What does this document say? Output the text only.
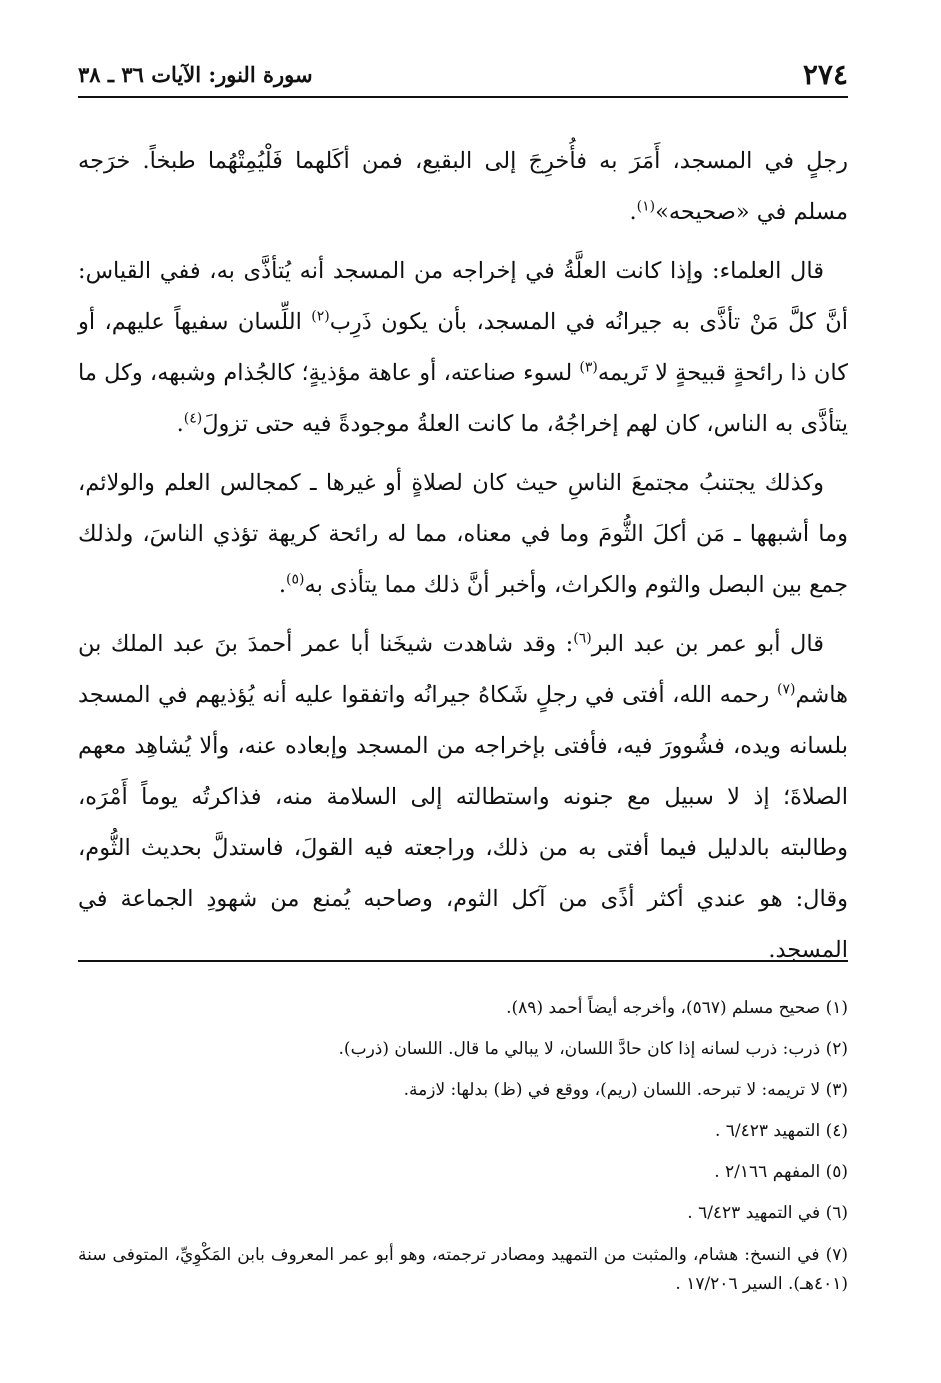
٢٧٤
سورة النور: الآيات ٣٦ ـ ٣٨

رجلٍ في المسجد، أَمَرَ به فأُخرِجَ إلى البقيع، فمن أكَلهما فَلْيُمِتْهُما طبخاً. خرَجه مسلم في «صحيحه»$^{(١)}$.

قال العلماء: وإذا كانت العلَّةُ في إخراجه من المسجد أنه يُتأذَّى به، ففي القياس: أنَّ كلَّ مَنْ تأذَّى به جيرانُه في المسجد، بأن يكون ذَرِب$^{(٢)}$ اللِّسان سفيهاً عليهم، أو كان ذا رائحةٍ قبيحةٍ لا تَريمه$^{(٣)}$ لسوء صناعته، أو عاهة مؤذيةٍ؛ كالجُذام وشبهه، وكل ما يتأذَّى به الناس، كان لهم إخراجُهُ، ما كانت العلةُ موجودةً فيه حتى تزولَ$^{(٤)}$.

وكذلك يجتنبُ مجتمعَ الناسِ حيث كان لصلاةٍ أو غيرها ـ كمجالس العلم والولائم، وما أشبهها ـ مَن أكلَ الثُّومَ وما في معناه، مما له رائحة كريهة تؤذي الناسَ، ولذلك جمع بين البصل والثوم والكراث، وأخبر أنَّ ذلك مما يتأذى به$^{(٥)}$.

قال أبو عمر بن عبد البر$^{(٦)}$: وقد شاهدت شيخَنا أبا عمر أحمدَ بنَ عبد الملك بن هاشم$^{(٧)}$ رحمه الله، أفتى في رجلٍ شَكاهُ جيرانُه واتفقوا عليه أنه يُؤذيهم في المسجد بلسانه ويده، فشُوورَ فيه، فأفتى بإخراجه من المسجد وإبعاده عنه، وألا يُشاهِد معهم الصلاةَ؛ إذ لا سبيل مع جنونه واستطالته إلى السلامة منه، فذاكرتُه يوماً أَمْرَه، وطالبته بالدليل فيما أفتى به من ذلك، وراجعته فيه القولَ، فاستدلَّ بحديث الثُّوم، وقال: هو عندي أكثر أذًى من آكل الثوم، وصاحبه يُمنع من شهودِ الجماعة في المسجد.

(١) صحيح مسلم (٥٦٧)، وأخرجه أيضاً أحمد (٨٩).
(٢) ذرب: ذرب لسانه إذا كان حادَّ اللسان، لا يبالي ما قال. اللسان (ذرب).
(٣) لا تريمه: لا تبرحه. اللسان (ريم)، ووقع في (ظ) بدلها: لازمة.
(٤) التمهيد ٦/٤٢٣ .
(٥) المفهم ٢/١٦٦ .
(٦) في التمهيد ٦/٤٢٣ .
(٧) في النسخ: هشام، والمثبت من التمهيد ومصادر ترجمته، وهو أبو عمر المعروف بابن المَكْوِيِّ، المتوفى سنة (٤٠١هـ). السير ١٧/٢٠٦ .
